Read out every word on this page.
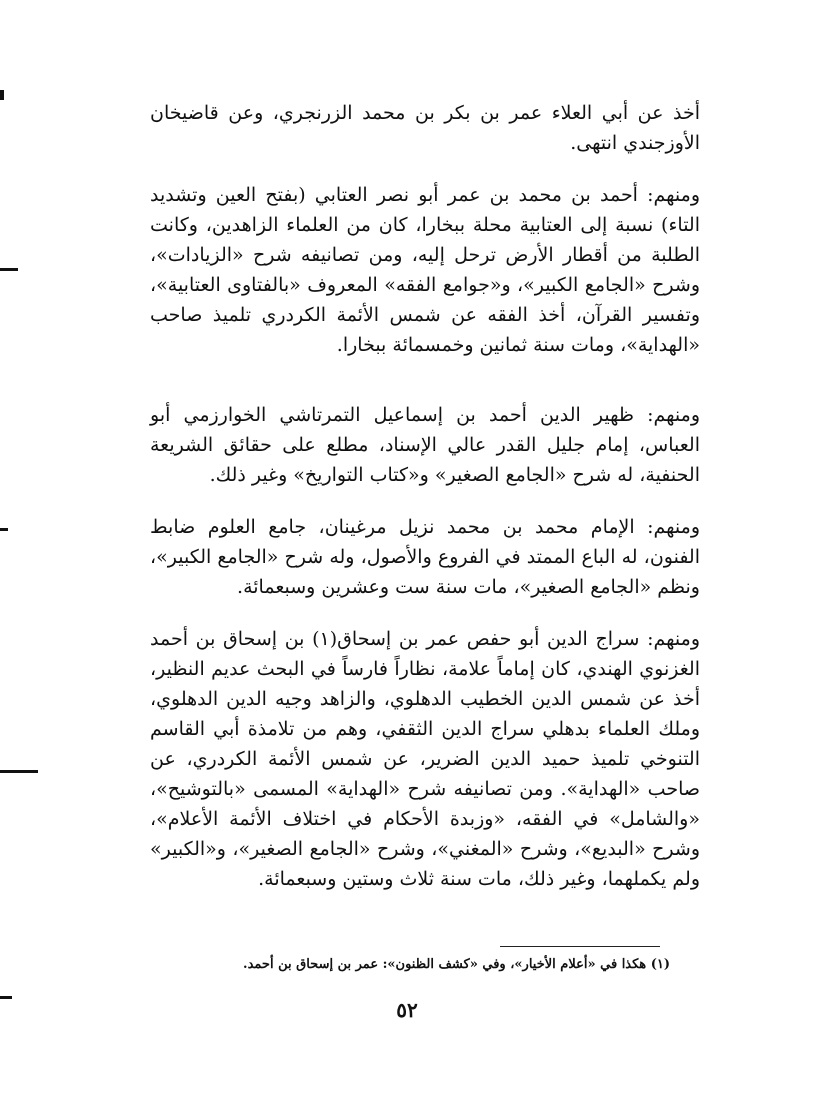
أخذ عن أبي العلاء عمر بن بكر بن محمد الزرنجري، وعن قاضيخان الأوزجندي انتهى.

ومنهم: أحمد بن محمد بن عمر أبو نصر العتابي (بفتح العين وتشديد التاء) نسبة إلى العتابية محلة ببخارا، كان من العلماء الزاهدين، وكانت الطلبة من أقطار الأرض ترحل إليه، ومن تصانيفه شرح «الزيادات»، وشرح «الجامع الكبير»، و«جوامع الفقه» المعروف «بالفتاوى العتابية»، وتفسير القرآن، أخذ الفقه عن شمس الأئمة الكردري تلميذ صاحب «الهداية»، ومات سنة ثمانين وخمسمائة ببخارا.

ومنهم: ظهير الدين أحمد بن إسماعيل التمرتاشي الخوارزمي أبو العباس، إمام جليل القدر عالي الإسناد، مطلع على حقائق الشريعة الحنفية، له شرح «الجامع الصغير» و«كتاب التواريخ» وغير ذلك.

ومنهم: الإمام محمد بن محمد نزيل مرغينان، جامع العلوم ضابط الفنون، له الباع الممتد في الفروع والأصول، وله شرح «الجامع الكبير»، ونظم «الجامع الصغير»، مات سنة ست وعشرين وسبعمائة.

ومنهم: سراج الدين أبو حفص عمر بن إسحاق(١) بن إسحاق بن أحمد الغزنوي الهندي، كان إماماً علامة، نظاراً فارساً في البحث عديم النظير، أخذ عن شمس الدين الخطيب الدهلوي، والزاهد وجيه الدين الدهلوي، وملك العلماء بدهلي سراج الدين الثقفي، وهم من تلامذة أبي القاسم التنوخي تلميذ حميد الدين الضرير، عن شمس الأئمة الكردري، عن صاحب «الهداية». ومن تصانيفه شرح «الهداية» المسمى «بالتوشيح»، «والشامل» في الفقه، «وزبدة الأحكام في اختلاف الأئمة الأعلام»، وشرح «البديع»، وشرح «المغني»، وشرح «الجامع الصغير»، و«الكبير» ولم يكملهما، وغير ذلك، مات سنة ثلاث وستين وسبعمائة.

(١) هكذا في «أعلام الأخيار»، وفي «كشف الظنون»: عمر بن إسحاق بن أحمد.
٥٢
